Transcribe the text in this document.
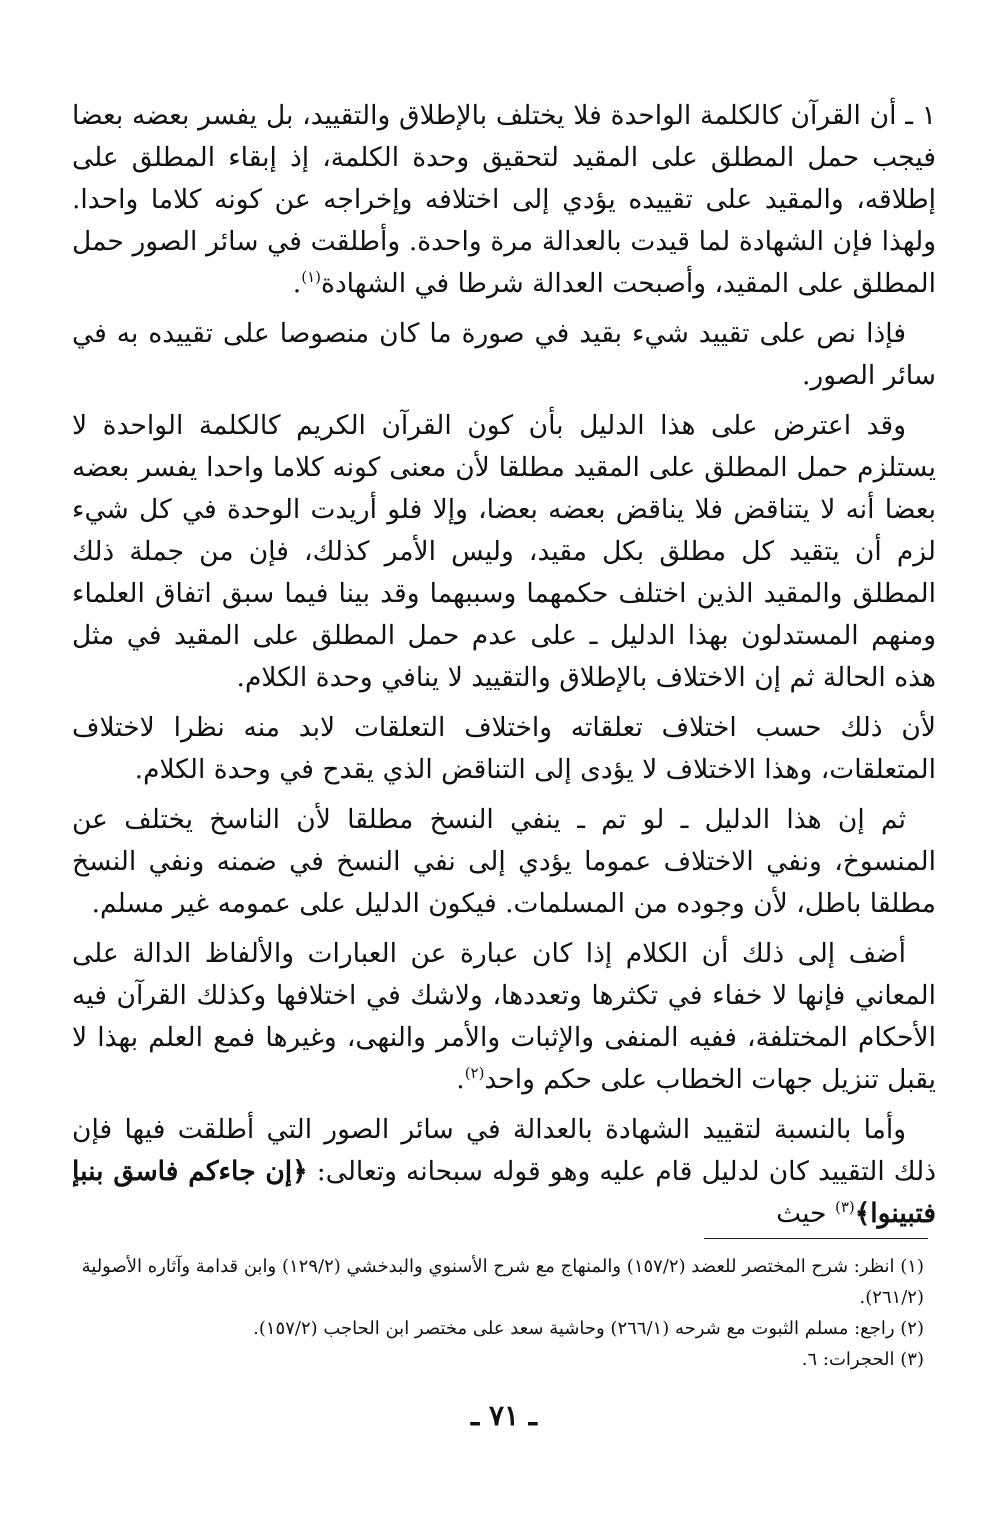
١ ـ أن القرآن كالكلمة الواحدة فلا يختلف بالإطلاق والتقييد، بل يفسر بعضه بعضا فيجب حمل المطلق على المقيد لتحقيق وحدة الكلمة، إذ إبقاء المطلق على إطلاقه، والمقيد على تقييده يؤدي إلى اختلافه وإخراجه عن كونه كلاما واحدا. ولهذا فإن الشهادة لما قيدت بالعدالة مرة واحدة. وأطلقت في سائر الصور حمل المطلق على المقيد، وأصبحت العدالة شرطا في الشهادة$^{(١)}$.

فإذا نص على تقييد شيء بقيد في صورة ما كان منصوصا على تقييده به في سائر الصور.

وقد اعترض على هذا الدليل بأن كون القرآن الكريم كالكلمة الواحدة لا يستلزم حمل المطلق على المقيد مطلقا لأن معنى كونه كلاما واحدا يفسر بعضه بعضا أنه لا يتناقض فلا يناقض بعضه بعضا، وإلا فلو أريدت الوحدة في كل شيء لزم أن يتقيد كل مطلق بكل مقيد، وليس الأمر كذلك، فإن من جملة ذلك المطلق والمقيد الذين اختلف حكمهما وسببهما وقد بينا فيما سبق اتفاق العلماء ومنهم المستدلون بهذا الدليل ـ على عدم حمل المطلق على المقيد في مثل هذه الحالة ثم إن الاختلاف بالإطلاق والتقييد لا ينافي وحدة الكلام.

لأن ذلك حسب اختلاف تعلقاته واختلاف التعلقات لابد منه نظرا لاختلاف المتعلقات، وهذا الاختلاف لا يؤدى إلى التناقض الذي يقدح في وحدة الكلام.

ثم إن هذا الدليل ـ لو تم ـ ينفي النسخ مطلقا لأن الناسخ يختلف عن المنسوخ، ونفي الاختلاف عموما يؤدي إلى نفي النسخ في ضمنه ونفي النسخ مطلقا باطل، لأن وجوده من المسلمات. فيكون الدليل على عمومه غير مسلم.

أضف إلى ذلك أن الكلام إذا كان عبارة عن العبارات والألفاظ الدالة على المعاني فإنها لا خفاء في تكثرها وتعددها، ولاشك في اختلافها وكذلك القرآن فيه الأحكام المختلفة، ففيه المنفى والإثبات والأمر والنهى، وغيرها فمع العلم بهذا لا يقبل تنزيل جهات الخطاب على حكم واحد$^{(٢)}$.

وأما بالنسبة لتقييد الشهادة بالعدالة في سائر الصور التي أطلقت فيها فإن ذلك التقييد كان لدليل قام عليه وهو قوله سبحانه وتعالى: ﴿إن جاءكم فاسق بنبإ فتبينوا﴾$^{(٣)}$ حيث

(١) انظر: شرح المختصر للعضد (١٥٧/٢) والمنهاج مع شرح الأسنوي والبدخشي (١٢٩/٢) وابن قدامة وآثاره الأصولية (٢٦١/٢).

(٢) راجع: مسلم الثبوت مع شرحه (٢٦٦/١) وحاشية سعد على مختصر ابن الحاجب (١٥٧/٢).

(٣) الحجرات: ٦.

ـ ٧١ ـ
